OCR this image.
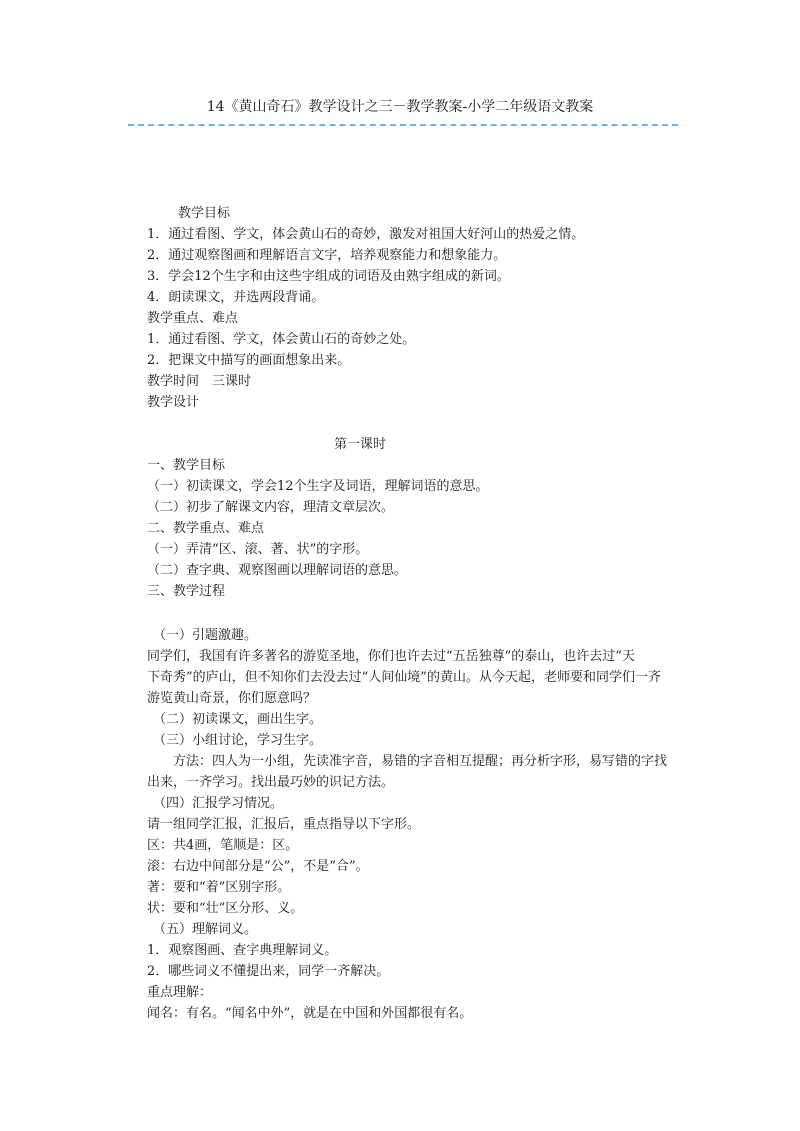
14《黄山奇石》教学设计之三－教学教案-小学二年级语文教案
教学目标
1．通过看图、学文，体会黄山石的奇妙，激发对祖国大好河山的热爱之情。
2．通过观察图画和理解语言文字，培养观察能力和想象能力。
3．学会12个生字和由这些字组成的词语及由熟字组成的新词。
4．朗读课文，并选两段背诵。
教学重点、难点
1．通过看图、学文，体会黄山石的奇妙之处。
2．把课文中描写的画面想象出来。
教学时间　三课时
教学设计
第一课时
一、教学目标
（一）初读课文，学会12个生字及词语，理解词语的意思。
（二）初步了解课文内容，理清文章层次。
二、教学重点、难点
（一）弄清“区、滚、著、状”的字形。
（二）查字典、观察图画以理解词语的意思。
三、教学过程
（一）引题激趣。
同学们，我国有许多著名的游览圣地，你们也许去过“五岳独尊”的泰山，也许去过“天
下奇秀”的庐山，但不知你们去没去过“人间仙境”的黄山。从今天起，老师要和同学们一齐
游览黄山奇景，你们愿意吗？
（二）初读课文，画出生字。
（三）小组讨论，学习生字。
方法：四人为一小组，先读准字音，易错的字音相互提醒；再分析字形，易写错的字找
出来，一齐学习。找出最巧妙的识记方法。
（四）汇报学习情况。
请一组同学汇报，汇报后，重点指导以下字形。
区：共4画，笔顺是：区。
滚：右边中间部分是“公”，不是“合”。
著：要和“着”区别字形。
状：要和“壮”区分形、义。
（五）理解词义。
1．观察图画、查字典理解词义。
2．哪些词义不懂提出来，同学一齐解决。
重点理解：
闻名：有名。“闻名中外”，就是在中国和外国都很有名。
